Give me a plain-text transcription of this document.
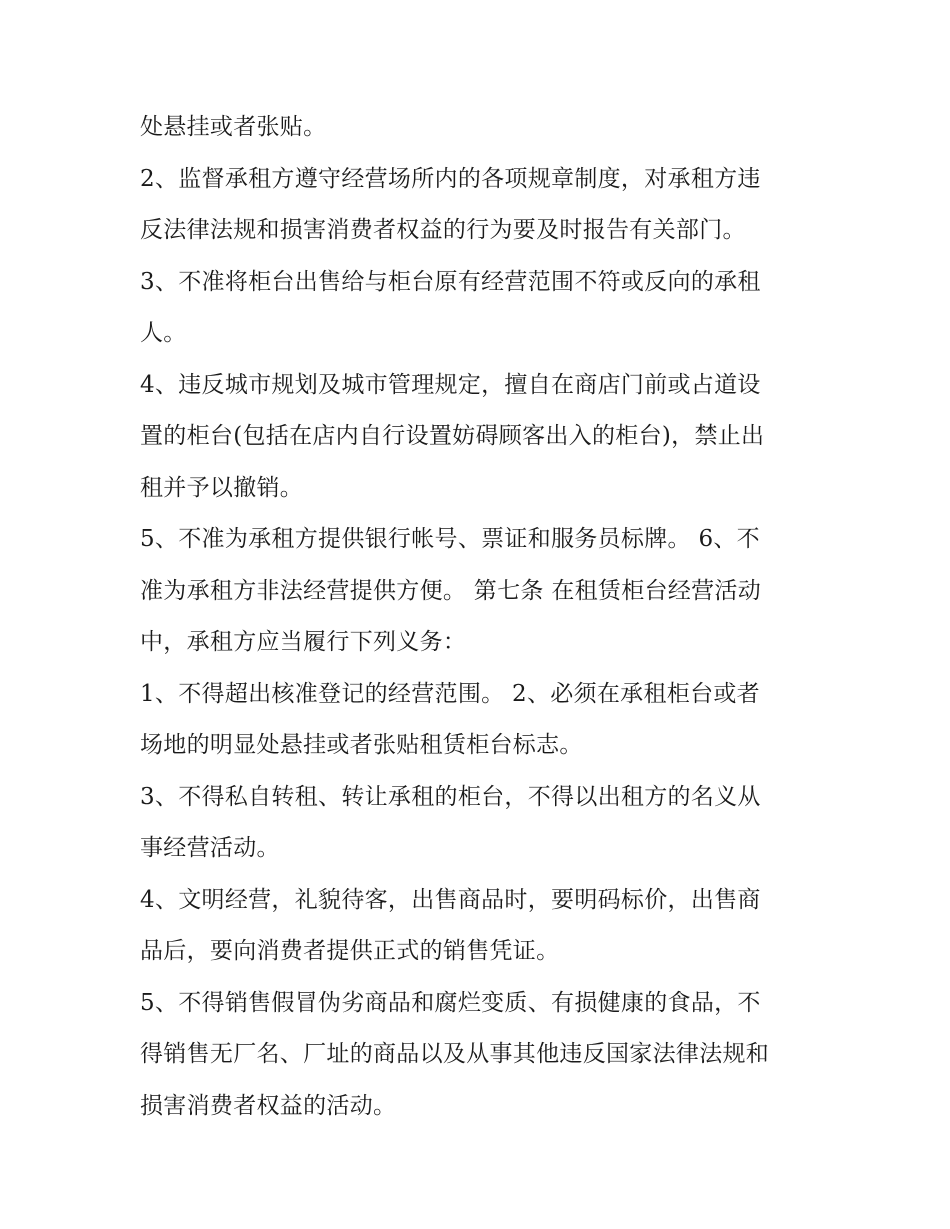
处悬挂或者张贴。
2、监督承租方遵守经营场所内的各项规章制度，对承租方违
反法律法规和损害消费者权益的行为要及时报告有关部门。
3、不准将柜台出售给与柜台原有经营范围不符或反向的承租
人。
4、违反城市规划及城市管理规定，擅自在商店门前或占道设
置的柜台(包括在店内自行设置妨碍顾客出入的柜台)，禁止出
租并予以撤销。
5、不准为承租方提供银行帐号、票证和服务员标牌。 6、不
准为承租方非法经营提供方便。 第七条 在租赁柜台经营活动
中，承租方应当履行下列义务：
1、不得超出核准登记的经营范围。 2、必须在承租柜台或者
场地的明显处悬挂或者张贴租赁柜台标志。
3、不得私自转租、转让承租的柜台，不得以出租方的名义从
事经营活动。
4、文明经营，礼貌待客，出售商品时，要明码标价，出售商
品后，要向消费者提供正式的销售凭证。
5、不得销售假冒伪劣商品和腐烂变质、有损健康的食品，不
得销售无厂名、厂址的商品以及从事其他违反国家法律法规和
损害消费者权益的活动。
